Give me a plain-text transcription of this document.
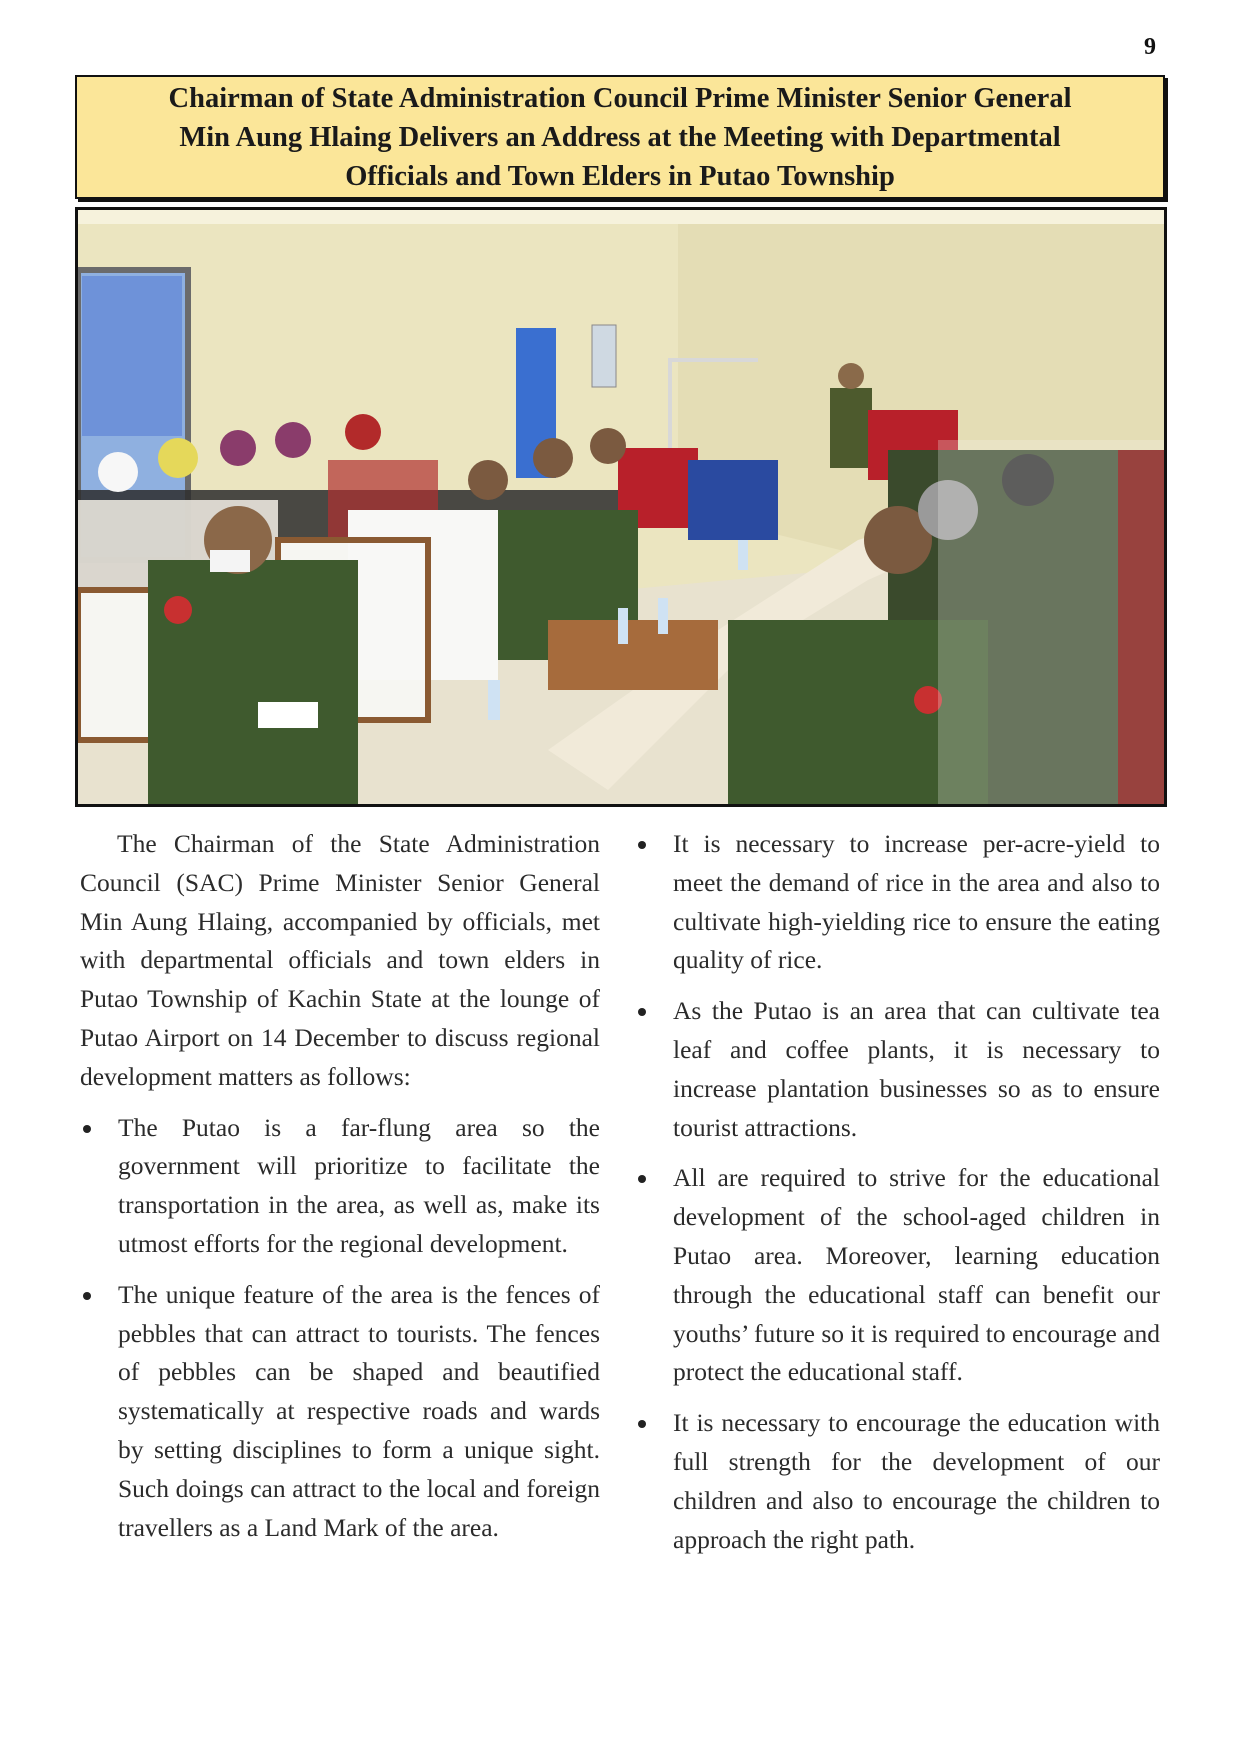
9
Chairman of State Administration Council Prime Minister Senior General
Min Aung Hlaing Delivers an Address at the Meeting with Departmental
Officials and Town Elders in Putao Township

The Chairman of the State Administration Council (SAC) Prime Minister Senior General Min Aung Hlaing, accompanied by officials, met with departmental officials and town elders in Putao Township of Kachin State at the lounge of Putao Airport on 14 December to discuss regional development matters as follows:

The Putao is a far-flung area so the government will prioritize to facilitate the transportation in the area, as well as, make its utmost efforts for the regional development.
The unique feature of the area is the fences of pebbles that can attract to tourists. The fences of pebbles can be shaped and beautified systematically at respective roads and wards by setting disciplines to form a unique sight. Such doings can attract to the local and foreign travellers as a Land Mark of the area.
It is necessary to increase per-acre-yield to meet the demand of rice in the area and also to cultivate high-yielding rice to ensure the eating quality of rice.
As the Putao is an area that can cultivate tea leaf and coffee plants, it is necessary to increase plantation businesses so as to ensure tourist attractions.
All are required to strive for the educational development of the school-aged children in Putao area. Moreover, learning education through the educational staff can benefit our youths’ future so it is required to encourage and protect the educational staff.
It is necessary to encourage the education with full strength for the development of our children and also to encourage the children to approach the right path.
